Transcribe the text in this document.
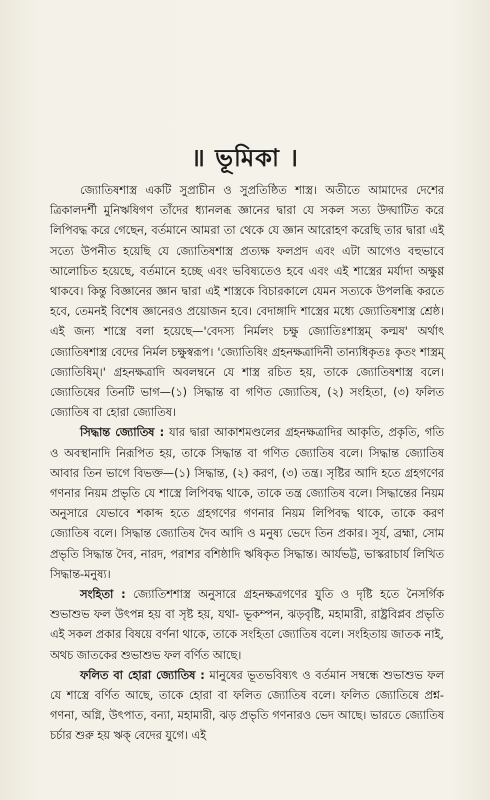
॥ ভূমিকা ।

জ্যোতিষশাস্ত্র একটি সুপ্রাচীন ও সুপ্রতিষ্ঠিত শাস্ত্র। অতীতে আমাদের দেশের ত্রিকালদর্শী মুনিঋষিগণ তাঁদের ধ্যানলব্ধ জ্ঞানের দ্বারা যে সকল সত্য উদ্ঘাটিত করে লিপিবদ্ধ করে গেছেন, বর্তমানে আমরা তা থেকে যে জ্ঞান আরোহণ করেছি তার দ্বারা এই সত্যে উপনীত হয়েছি যে জ্যোতিষশাস্ত্র প্রত্যক্ষ ফলপ্রদ এবং এটা আগেও বহুভাবে আলোচিত হয়েছে, বর্তমানে হচ্ছে এবং ভবিষ্যতেও হবে এবং এই শাস্ত্রের মর্যাদা অক্ষুণ্ণ থাকবে। কিন্তু বিজ্ঞানের জ্ঞান দ্বারা এই শাস্ত্রকে বিচারকালে যেমন সত্যকে উপলব্ধি করতে হবে, তেমনই বিশেষ জ্ঞানেরও প্রয়োজন হবে। বেদাঙ্গাদি শাস্ত্রের মধ্যে জ্যোতিষশাস্ত্র শ্রেষ্ঠ। এই জন্য শাস্ত্রে বলা হয়েছে—'বেদস্য নির্মলং চক্ষু জ্যোতিঃশাস্ত্রম্ কল্মষ' অর্থাৎ জ্যোতিষশাস্ত্র বেদের নির্মল চক্ষুস্বরূপ। 'জ্যোতিষিং গ্রহনক্ষত্রাদিনী তান্যধিকৃতঃ কৃতং শাস্ত্রম্ জ্যোতিষিম্।' গ্রহনক্ষত্রাদি অবলম্বনে যে শাস্ত্র রচিত হয়, তাকে জ্যোতিষশাস্ত্র বলে। জ্যোতিষের তিনটি ভাগ—(১) সিদ্ধান্ত বা গণিত জ্যোতিষ, (২) সংহিতা, (৩) ফলিত জ্যোতিষ বা হোরা জ্যোতিষ।

সিদ্ধান্ত জ্যোতিষ : যার দ্বারা আকাশমণ্ডলের গ্রহনক্ষত্রাদির আকৃতি, প্রকৃতি, গতি ও অবস্থানাদি নিরূপিত হয়, তাকে সিদ্ধান্ত বা গণিত জ্যোতিষ বলে। সিদ্ধান্ত জ্যোতিষ আবার তিন ভাগে বিভক্ত—(১) সিদ্ধান্ত, (২) করণ, (৩) তন্ত্র। সৃষ্টির আদি হতে গ্রহগণের গণনার নিয়ম প্রভৃতি যে শাস্ত্রে লিপিবদ্ধ থাকে, তাকে তন্ত্র জ্যোতিষ বলে। সিদ্ধান্তের নিয়ম অনুসারে যেভাবে শকাব্দ হতে গ্রহগণের গণনার নিয়ম লিপিবদ্ধ থাকে, তাকে করণ জ্যোতিষ বলে। সিদ্ধান্ত জ্যোতিষ দৈব আদি ও মনুষ্য ভেদে তিন প্রকার। সূর্য, ব্রহ্মা, সোম প্রভৃতি সিদ্ধান্ত দৈব, নারদ, পরাশর বশিষ্ঠাদি ঋষিকৃত সিদ্ধান্ত। আর্যভট্ট, ভাস্করাচার্য লিখিত সিদ্ধান্ত-মনুষ্য।

সংহিতা : জ্যোতিশশাস্ত্র অনুসারে গ্রহনক্ষত্রগণের যুতি ও দৃষ্টি হতে নৈসর্গিক শুভাশুভ ফল উৎপন্ন হয় বা সৃষ্ট হয়, যথা- ভূকম্পন, ঝড়বৃষ্টি, মহামারী, রাষ্ট্রবিপ্লব প্রভৃতি এই সকল প্রকার বিষয়ে বর্ণনা থাকে, তাকে সংহিতা জ্যোতিষ বলে। সংহিতায় জাতক নাই, অথচ জাতকের শুভাশুভ ফল বর্ণিত আছে।

ফলিত বা হোরা জ্যোতিষ : মানুষের ভূতভবিষ্যৎ ও বর্তমান সম্বন্ধে শুভাশুভ ফল যে শাস্ত্রে বর্ণিত আছে, তাকে হোরা বা ফলিত জ্যোতিষ বলে। ফলিত জ্যোতিষে প্রশ্ন-গণনা, অগ্নি, উৎপাত, বন্যা, মহামারী, ঝড় প্রভৃতি গণনারও ভেদ আছে। ভারতে জ্যোতিষ চর্চার শুরু হয় ঋক্ বেদের যুগে। এই
